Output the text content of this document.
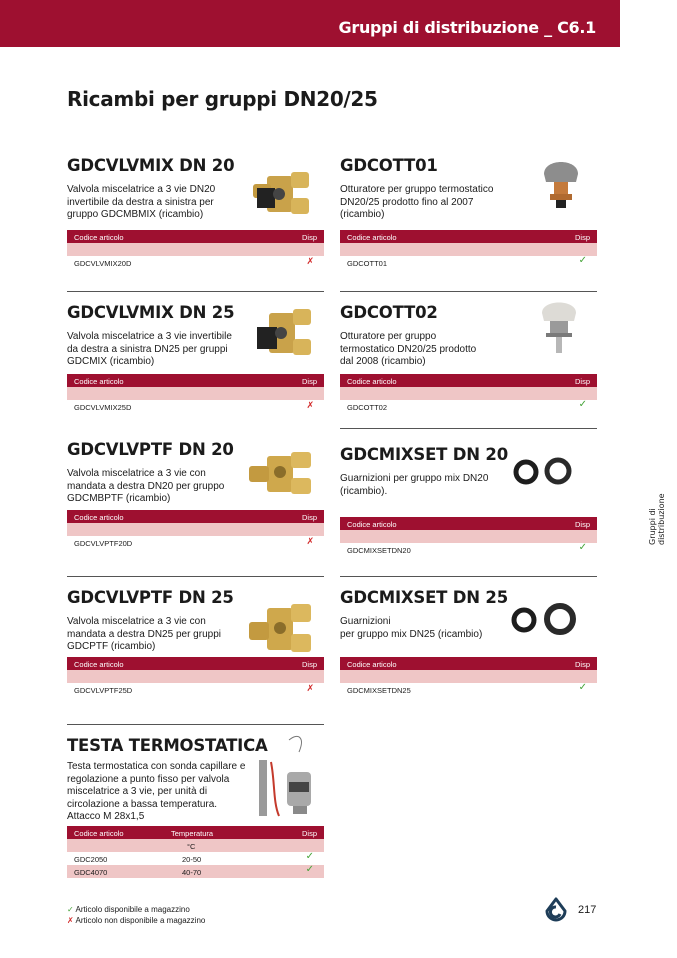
Gruppi di distribuzione _ C6.1
Ricambi per gruppi DN20/25
GDCVLVMIX DN 20
Valvola miscelatrice a 3 vie DN20 invertibile da destra a sinistra per gruppo GDCMBMIX (ricambio)
Codice articolo	Disp
GDCVLVMIX20D	✗
GDCVLVMIX DN 25
Valvola miscelatrice a 3 vie invertibile da destra a sinistra DN25 per gruppi GDCMIX (ricambio)
Codice articolo	Disp
GDCVLVMIX25D	✗
GDCVLVPTF DN 20
Valvola miscelatrice a 3 vie con mandata a destra DN20 per gruppo GDCMBPTF (ricambio)
Codice articolo	Disp
GDCVLVPTF20D	✗
GDCVLVPTF DN 25
Valvola miscelatrice a 3 vie con mandata a destra DN25 per gruppi GDCPTF (ricambio)
Codice articolo	Disp
GDCVLVPTF25D	✗
TESTA TERMOSTATICA
Testa termostatica con sonda capillare e regolazione a punto fisso per valvola miscelatrice a 3 vie, per unità di circolazione a bassa temperatura. Attacco M 28x1,5
Codice articolo	Temperatura	Disp
°C
GDC2050	20-50	✓
GDC4070	40-70	✓
GDCOTT01
Otturatore per gruppo termostatico DN20/25 prodotto fino al 2007 (ricambio)
Codice articolo	Disp
GDCOTT01	✓
GDCOTT02
Otturatore per gruppo termostatico DN20/25 prodotto dal 2008 (ricambio)
Codice articolo	Disp
GDCOTT02	✓
GDCMIXSET DN 20
Guarnizioni per gruppo mix DN20 (ricambio).
Codice articolo	Disp
GDCMIXSETDN20	✓
GDCMIXSET DN 25
Guarnizioni
per gruppo mix DN25 (ricambio)
Codice articolo	Disp
GDCMIXSETDN25	✓
Gruppi di distribuzione
✓ Articolo disponibile a magazzino
✗ Articolo non disponibile a magazzino
217
